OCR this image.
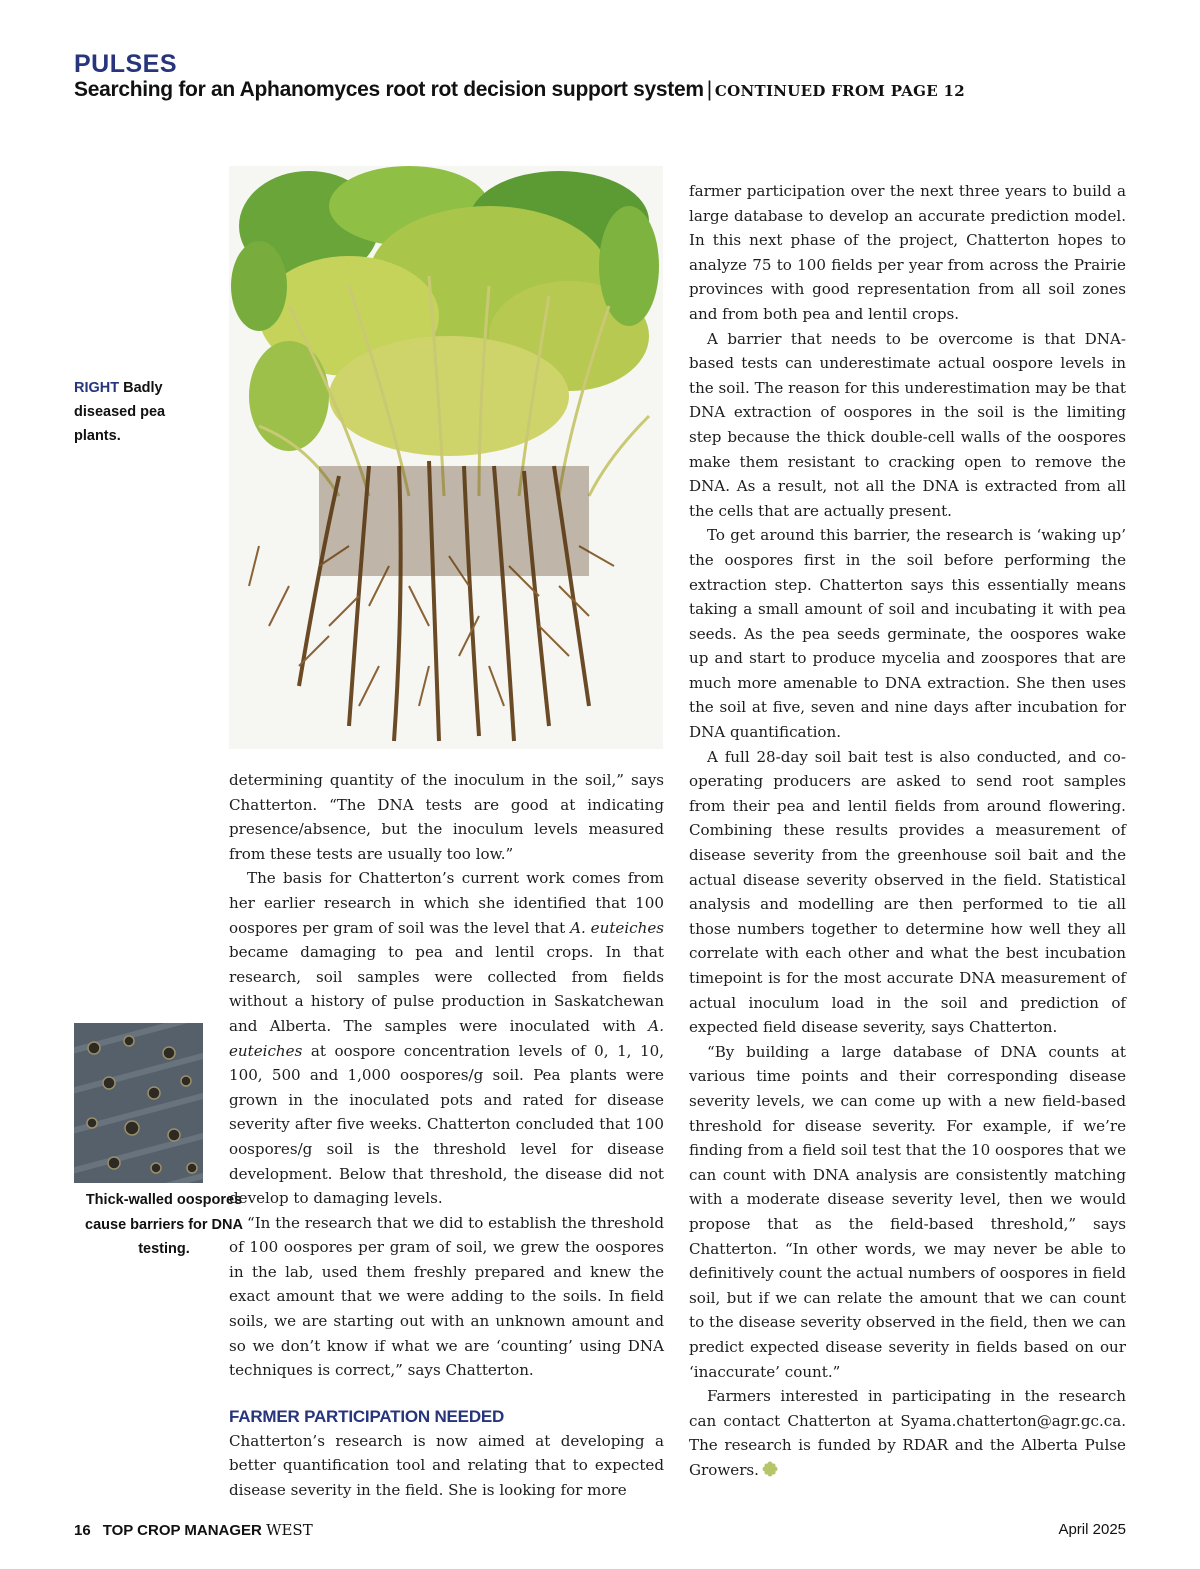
PULSES
Searching for an Aphanomyces root rot decision support system | CONTINUED FROM PAGE 12
RIGHT Badly diseased pea plants.
Thick-walled oospores cause barriers for DNA testing.

determining quantity of the inoculum in the soil,” says Chatterton. “The DNA tests are good at indicating presence/absence, but the inoculum levels measured from these tests are usually too low.”

The basis for Chatterton’s current work comes from her earlier research in which she identified that 100 oospores per gram of soil was the level that A. euteiches became damaging to pea and lentil crops. In that research, soil samples were collected from fields without a history of pulse production in Saskatchewan and Alberta. The samples were inoculated with A. euteiches at oospore concentration levels of 0, 1, 10, 100, 500 and 1,000 oospores/g soil. Pea plants were grown in the inoculated pots and rated for disease severity after five weeks. Chatterton concluded that 100 oospores/g soil is the threshold level for disease development. Below that threshold, the disease did not develop to damaging levels.

“In the research that we did to establish the threshold of 100 oospores per gram of soil, we grew the oospores in the lab, used them freshly prepared and knew the exact amount that we were adding to the soils. In field soils, we are starting out with an unknown amount and so we don’t know if what we are ‘counting’ using DNA techniques is correct,” says Chatterton.

FARMER PARTICIPATION NEEDED

Chatterton’s research is now aimed at developing a better quantification tool and relating that to expected disease severity in the field. She is looking for more

farmer participation over the next three years to build a large database to develop an accurate prediction model. In this next phase of the project, Chatterton hopes to analyze 75 to 100 fields per year from across the Prairie provinces with good representation from all soil zones and from both pea and lentil crops.

A barrier that needs to be overcome is that DNA-based tests can underestimate actual oospore levels in the soil. The reason for this underestimation may be that DNA extraction of oospores in the soil is the limiting step because the thick double-cell walls of the oospores make them resistant to cracking open to remove the DNA. As a result, not all the DNA is extracted from all the cells that are actually present.

To get around this barrier, the research is ‘waking up’ the oospores first in the soil before performing the extraction step. Chatterton says this essentially means taking a small amount of soil and incubating it with pea seeds. As the pea seeds germinate, the oospores wake up and start to produce mycelia and zoospores that are much more amenable to DNA extraction. She then uses the soil at five, seven and nine days after incubation for DNA quantification.

A full 28-day soil bait test is also conducted, and co-operating producers are asked to send root samples from their pea and lentil fields from around flowering. Combining these results provides a measurement of disease severity from the greenhouse soil bait and the actual disease severity observed in the field. Statistical analysis and modelling are then performed to tie all those numbers together to determine how well they all correlate with each other and what the best incubation timepoint is for the most accurate DNA measurement of actual inoculum load in the soil and prediction of expected field disease severity, says Chatterton.

“By building a large database of DNA counts at various time points and their corresponding disease severity levels, we can come up with a new field-based threshold for disease severity. For example, if we’re finding from a field soil test that the 10 oospores that we can count with DNA analysis are consistently matching with a moderate disease severity level, then we would propose that as the field-based threshold,” says Chatterton. “In other words, we may never be able to definitively count the actual numbers of oospores in field soil, but if we can relate the amount that we can count to the disease severity observed in the field, then we can predict expected disease severity in fields based on our ‘inaccurate’ count.”

Farmers interested in participating in the research can contact Chatterton at Syama.chatterton@agr.gc.ca. The research is funded by RDAR and the Alberta Pulse Growers.

16 TOP CROP MANAGER WEST	April 2025
